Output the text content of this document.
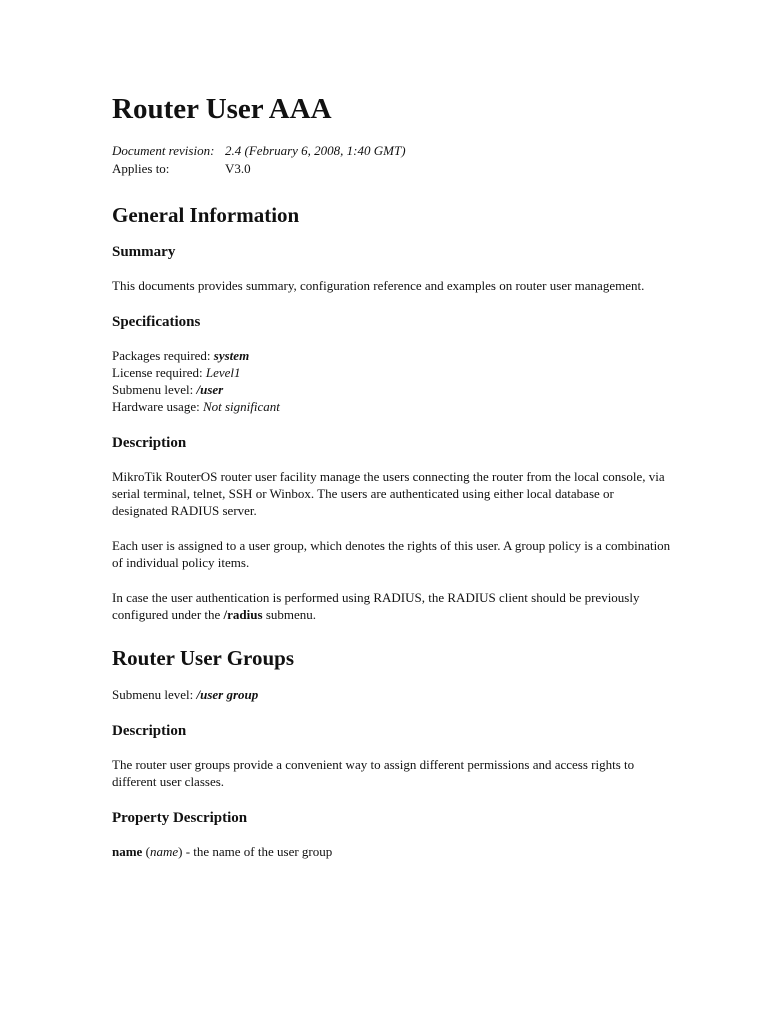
Router User AAA
Document revision: 2.4 (February 6, 2008, 1:40 GMT)
Applies to:	V3.0
General Information
Summary

This documents provides summary, configuration reference and examples on router user management.

Specifications
Packages required: system
License required: Level1
Submenu level: /user
Hardware usage: Not significant
Description

MikroTik RouterOS router user facility manage the users connecting the router from the local console, via serial terminal, telnet, SSH or Winbox. The users are authenticated using either local database or designated RADIUS server.

Each user is assigned to a user group, which denotes the rights of this user. A group policy is a combination of individual policy items.

In case the user authentication is performed using RADIUS, the RADIUS client should be previously configured under the /radius submenu.

Router User Groups

Submenu level: /user group

Description

The router user groups provide a convenient way to assign different permissions and access rights to different user classes.

Property Description

name (name) - the name of the user group
